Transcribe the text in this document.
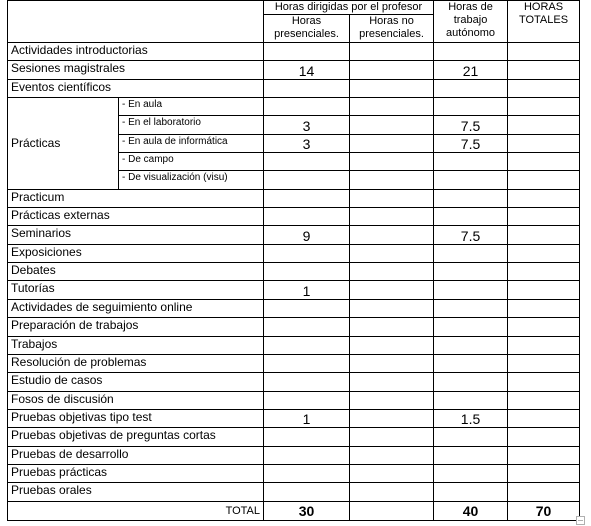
		Horas dirigidas por el profesor		Horas de trabajo autónomo	HORAS TOTALES
		Horas presenciales.	Horas no presenciales.		
Actividades introductorias					
Sesiones magistrales		14		21	
Eventos científicos					
Prácticas	- En aula				
	- En el laboratorio	3		7.5	
	- En aula de informática	3		7.5	
	- De campo				
	- De visualización (visu)				
Practicum					
Prácticas externas					
Seminarios		9		7.5	
Exposiciones					
Debates					
Tutorías		1			
Actividades de seguimiento online					
Preparación de trabajos					
Trabajos					
Resolución de problemas					
Estudio de casos					
Fosos de discusión					
Pruebas objetivas tipo test		1		1.5	
Pruebas objetivas de preguntas cortas					
Pruebas de desarrollo					
Pruebas prácticas					
Pruebas orales					
TOTAL		30		40	70
